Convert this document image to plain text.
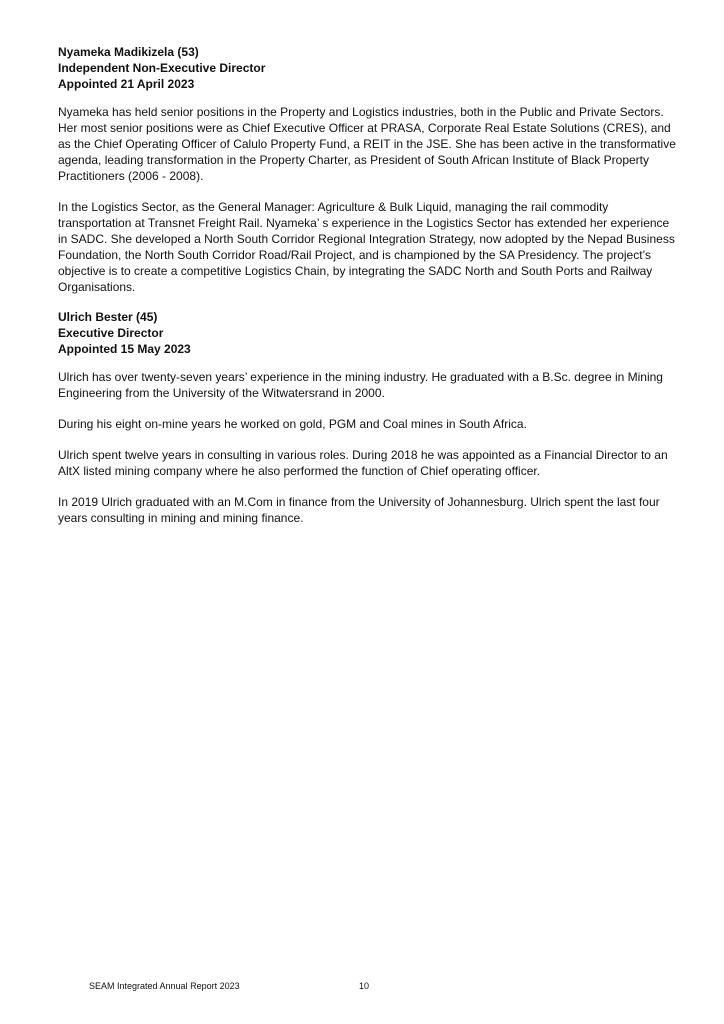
Nyameka Madikizela (53)
Independent Non-Executive Director
Appointed 21 April 2023

Nyameka has held senior positions in the Property and Logistics industries, both in the Public and Private Sectors. Her most senior positions were as Chief Executive Officer at PRASA, Corporate Real Estate Solutions (CRES), and as the Chief Operating Officer of Calulo Property Fund, a REIT in the JSE. She has been active in the transformative agenda, leading transformation in the Property Charter, as President of South African Institute of Black Property Practitioners (2006 - 2008).

In the Logistics Sector, as the General Manager: Agriculture & Bulk Liquid, managing the rail commodity transportation at Transnet Freight Rail. Nyameka’ s experience in the Logistics Sector has extended her experience in SADC. She developed a North South Corridor Regional Integration Strategy, now adopted by the Nepad Business Foundation, the North South Corridor Road/Rail Project, and is championed by the SA Presidency. The project’s objective is to create a competitive Logistics Chain, by integrating the SADC North and South Ports and Railway Organisations.

Ulrich Bester (45)
Executive Director
Appointed 15 May 2023

Ulrich has over twenty-seven years’ experience in the mining industry. He graduated with a B.Sc. degree in Mining Engineering from the University of the Witwatersrand in 2000.

During his eight on-mine years he worked on gold, PGM and Coal mines in South Africa.

Ulrich spent twelve years in consulting in various roles. During 2018 he was appointed as a Financial Director to an AltX listed mining company where he also performed the function of Chief operating officer.

In 2019 Ulrich graduated with an M.Com in finance from the University of Johannesburg. Ulrich spent the last four years consulting in mining and mining finance.

SEAM Integrated Annual Report 2023	10
